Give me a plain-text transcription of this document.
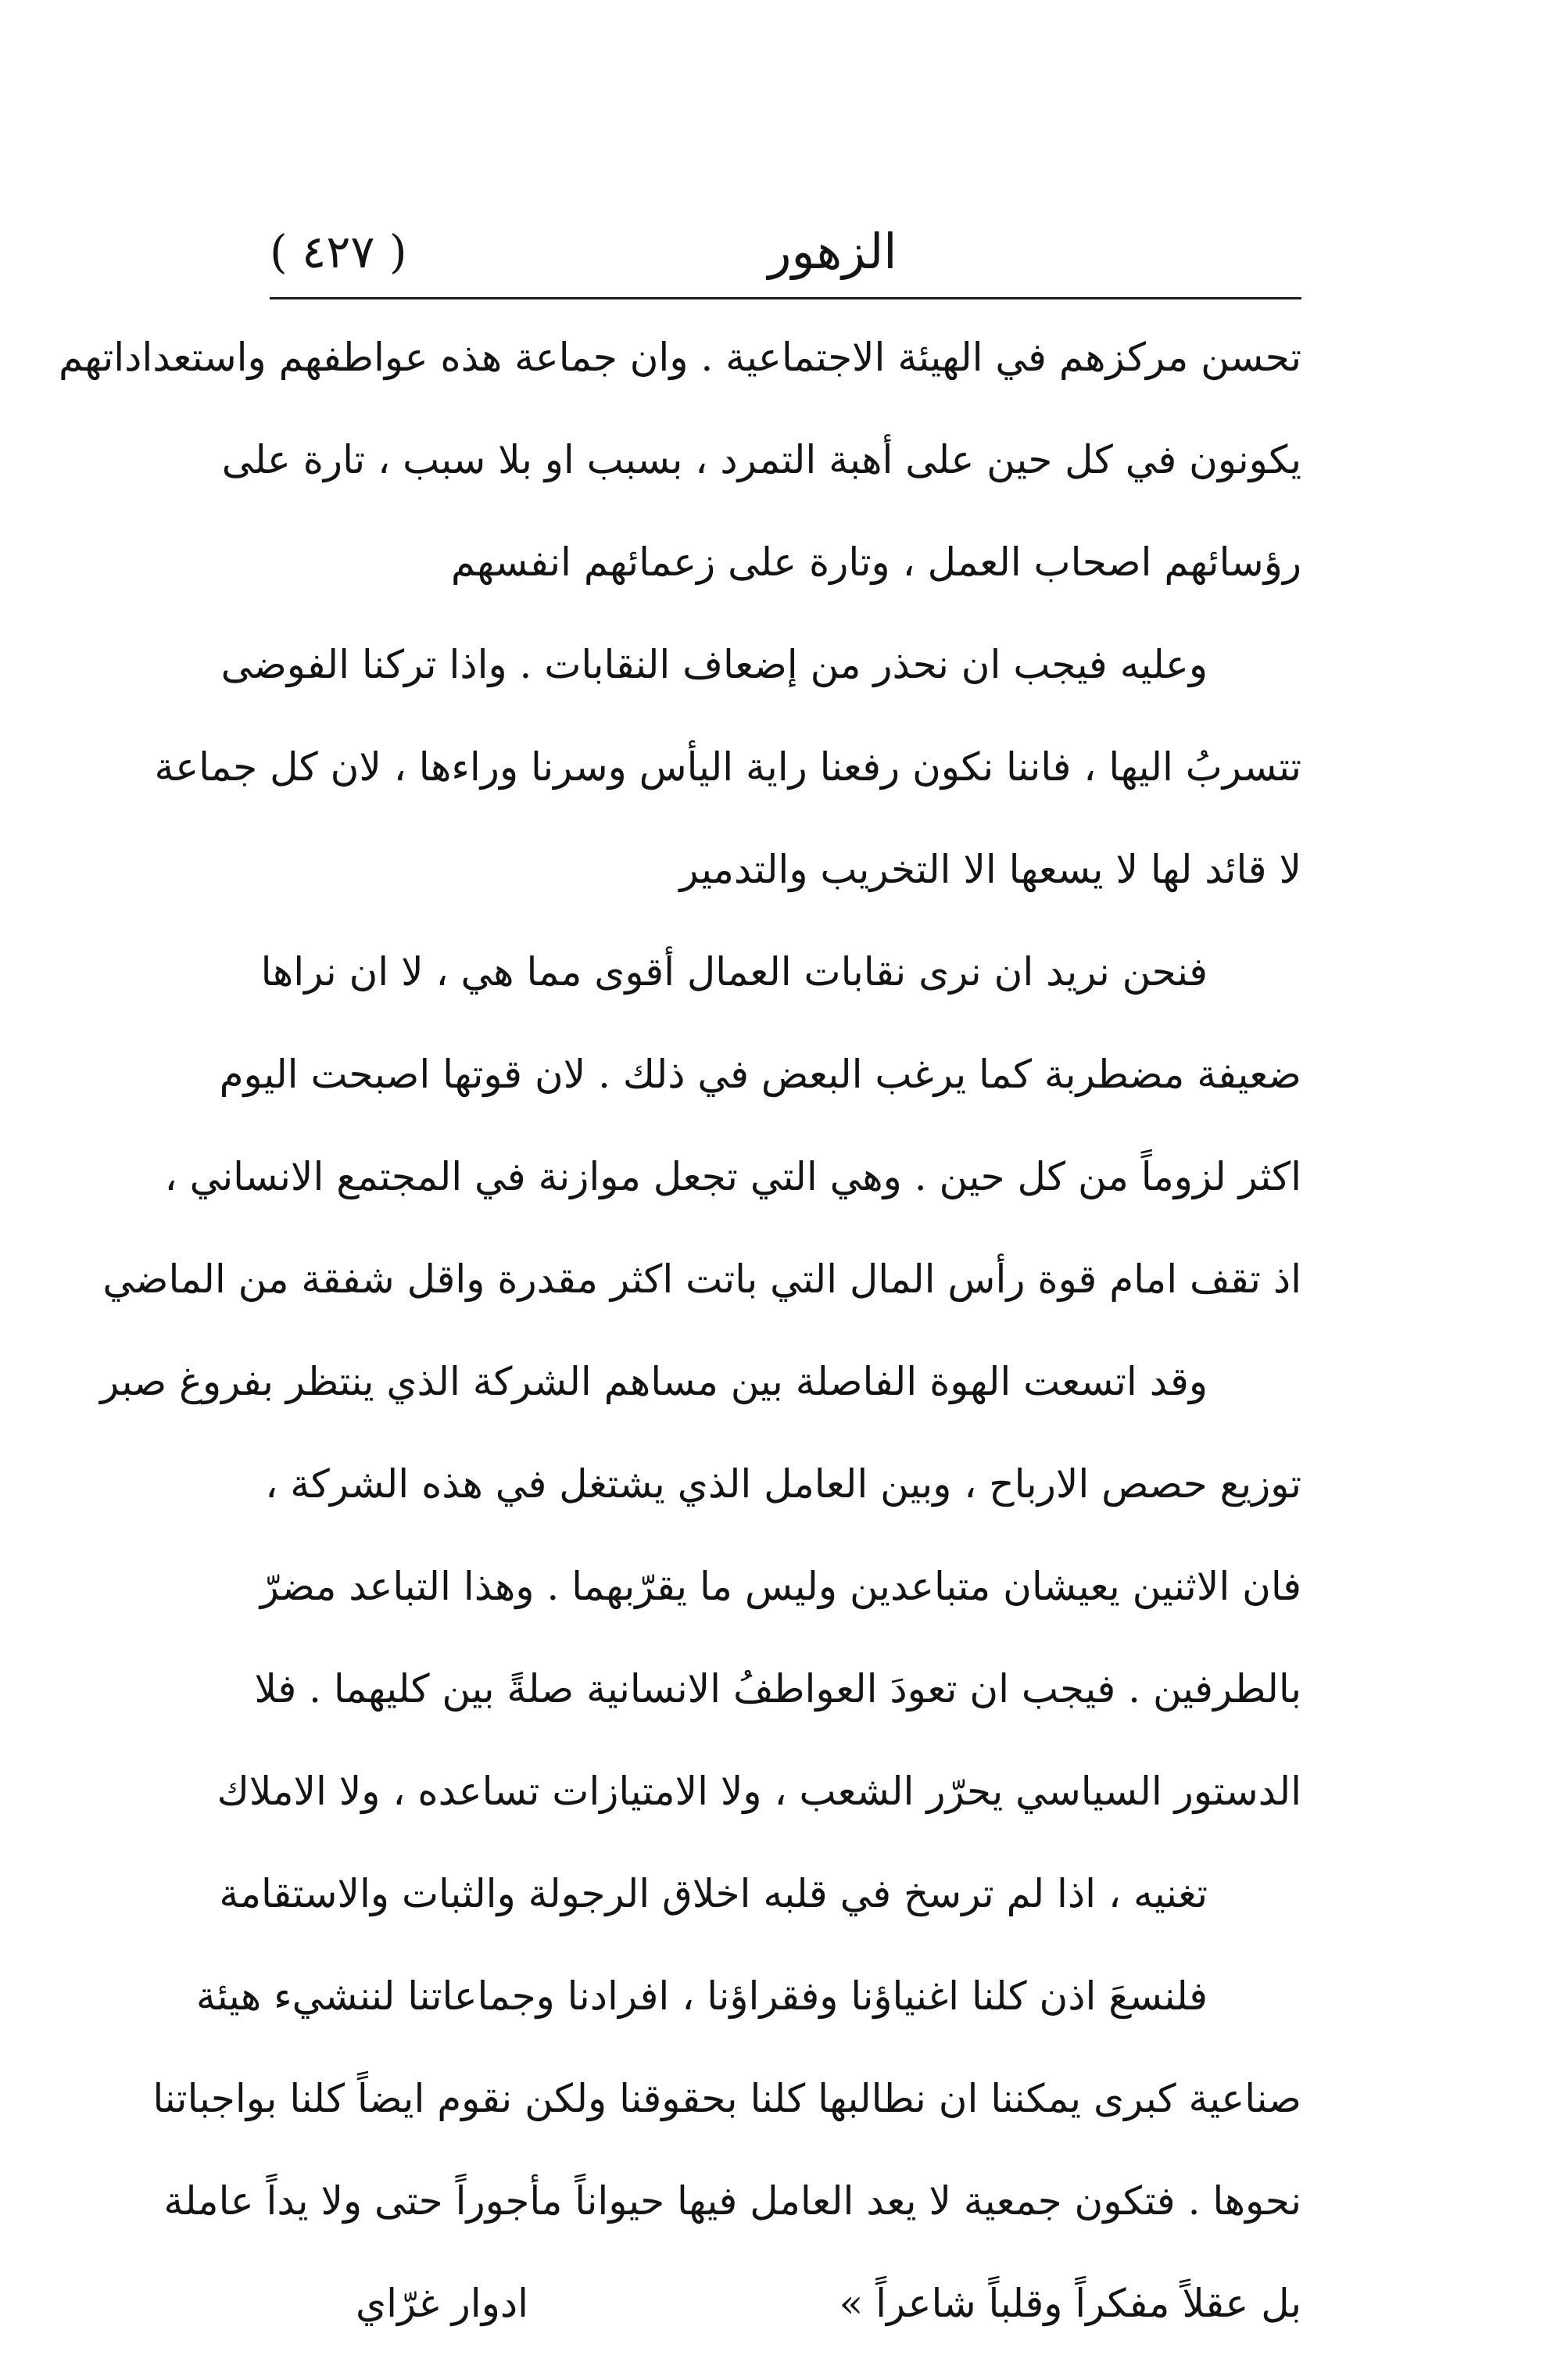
( ٤٢٧ )	الزهور
تحسن مركزهم في الهيئة الاجتماعية . وان جماعة هذه عواطفهم واستعداداتهم
يكونون في كل حين على أهبة التمرد ، بسبب او بلا سبب ، تارة على
رؤسائهم اصحاب العمل ، وتارة على زعمائهم انفسهم
وعليه فيجب ان نحذر من إضعاف النقابات . واذا تركنا الفوضى
تتسربُ اليها ، فاننا نكون رفعنا راية اليأس وسرنا وراءها ، لان كل جماعة
لا قائد لها لا يسعها الا التخريب والتدمير
فنحن نريد ان نرى نقابات العمال أقوى مما هي ، لا ان نراها
ضعيفة مضطربة كما يرغب البعض في ذلك . لان قوتها اصبحت اليوم
اكثر لزوماً من كل حين . وهي التي تجعل موازنة في المجتمع الانساني ،
اذ تقف امام قوة رأس المال التي باتت اكثر مقدرة واقل شفقة من الماضي
وقد اتسعت الهوة الفاصلة بين مساهم الشركة الذي ينتظر بفروغ صبر
توزيع حصص الارباح ، وبين العامل الذي يشتغل في هذه الشركة ،
فان الاثنين يعيشان متباعدين وليس ما يقرّبهما . وهذا التباعد مضرّ
بالطرفين . فيجب ان تعودَ العواطفُ الانسانية صلةً بين كليهما . فلا
الدستور السياسي يحرّر الشعب ، ولا الامتيازات تساعده ، ولا الاملاك
تغنيه ، اذا لم ترسخ في قلبه اخلاق الرجولة والثبات والاستقامة
فلنسعَ اذن كلنا اغنياؤنا وفقراؤنا ، افرادنا وجماعاتنا لننشيء هيئة
صناعية كبرى يمكننا ان نطالبها كلنا بحقوقنا ولكن نقوم ايضاً كلنا بواجباتنا
نحوها . فتكون جمعية لا يعد العامل فيها حيواناً مأجوراً حتى ولا يداً عاملة
بل عقلاً مفكراً وقلباً شاعراً »
ادوار غرّاي
